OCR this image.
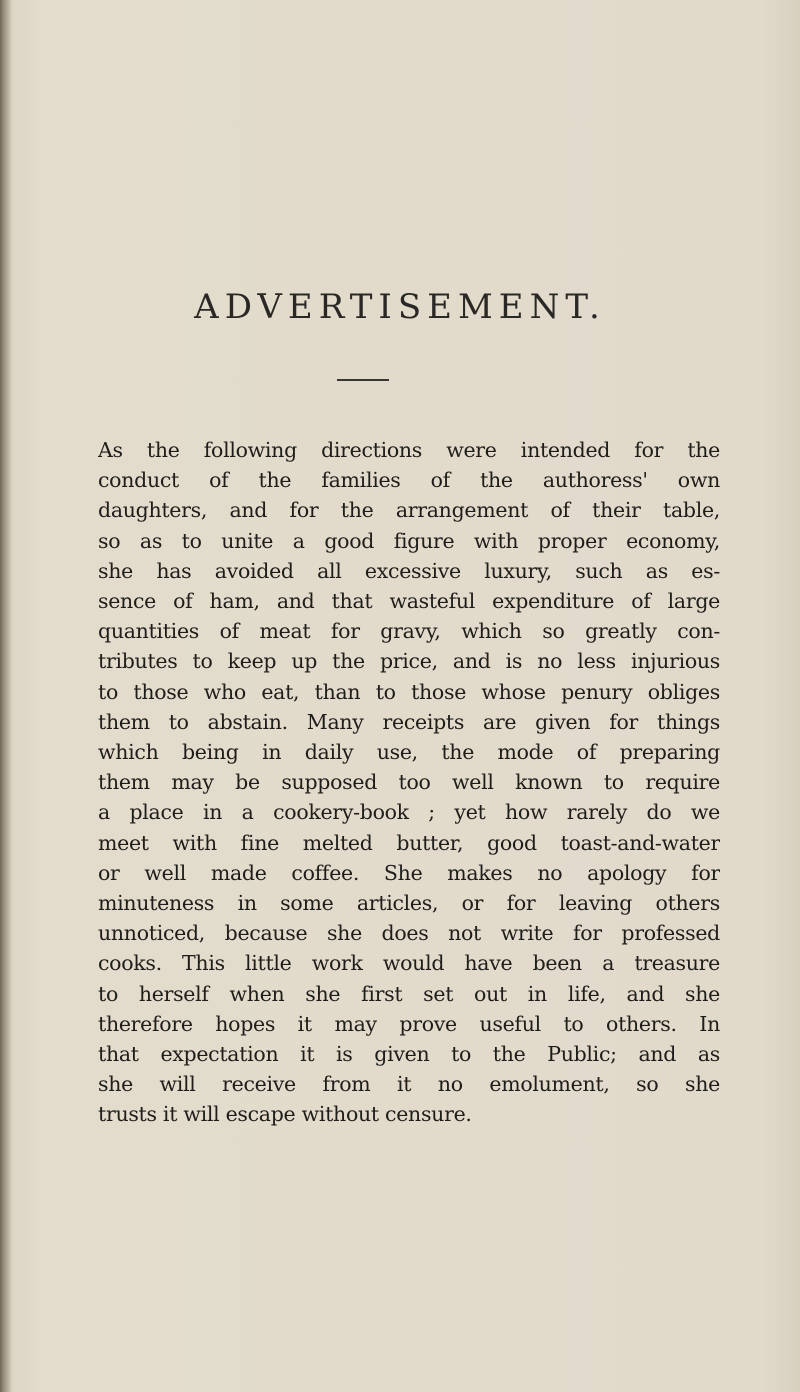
ADVERTISEMENT.
As the following directions were intended for the
conduct of the families of the authoress' own
daughters, and for the arrangement of their table,
so as to unite a good figure with proper economy,
she has avoided all excessive luxury, such as es-
sence of ham, and that wasteful expenditure of large
quantities of meat for gravy, which so greatly con-
tributes to keep up the price, and is no less injurious
to those who eat, than to those whose penury obliges
them to abstain. Many receipts are given for things
which being in daily use, the mode of preparing
them may be supposed too well known to require
a place in a cookery-book ; yet how rarely do we
meet with fine melted butter, good toast-and-water
or well made coffee. She makes no apology for
minuteness in some articles, or for leaving others
unnoticed, because she does not write for professed
cooks. This little work would have been a treasure
to herself when she first set out in life, and she
therefore hopes it may prove useful to others. In
that expectation it is given to the Public; and as
she will receive from it no emolument, so she
trusts it will escape without censure.
